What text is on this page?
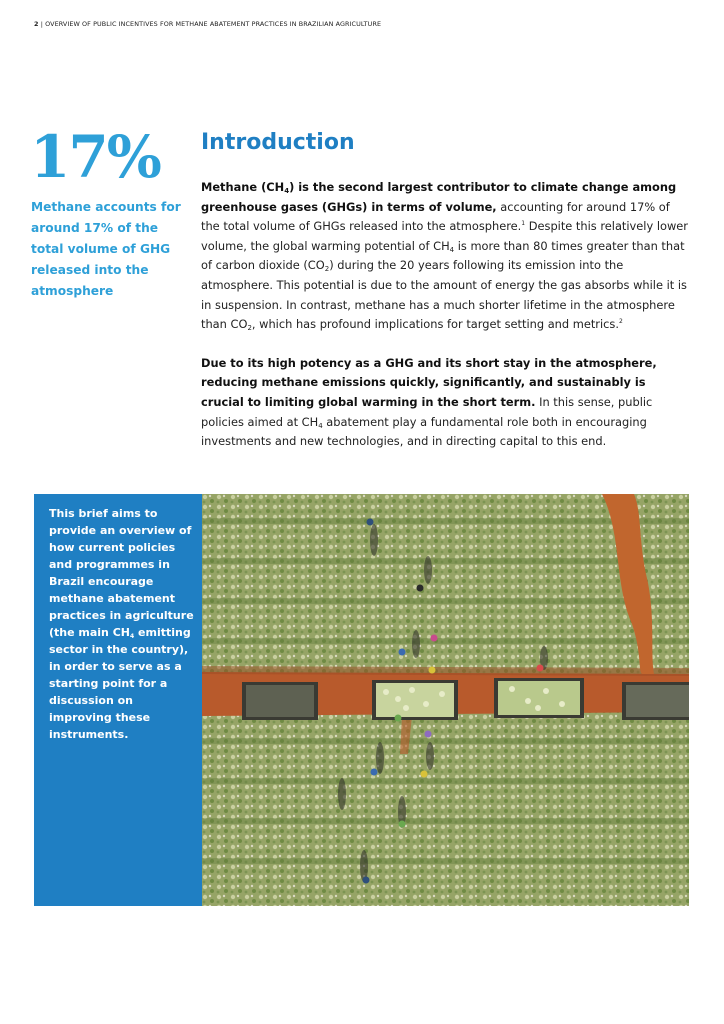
2 | OVERVIEW OF PUBLIC INCENTIVES FOR METHANE ABATEMENT PRACTICES IN BRAZILIAN AGRICULTURE
17%
Methane accounts for around 17% of the total volume of GHG released into the atmosphere
Introduction

Methane $(CH_4)$ is the second largest contributor to climate change among greenhouse gases (GHGs) in terms of volume, accounting for around 17% of the total volume of GHGs released into the atmosphere.$^1$ Despite this relatively lower volume, the global warming potential of $CH_4$ is more than 80 times greater than that of carbon dioxide $(CO_2)$ during the 20 years following its emission into the atmosphere. This potential is due to the amount of energy the gas absorbs while it is in suspension. In contrast, methane has a much shorter lifetime in the atmosphere than $CO_2$, which has profound implications for target setting and metrics.$^2$

Due to its high potency as a GHG and its short stay in the atmosphere, reducing methane emissions quickly, significantly, and sustainably is crucial to limiting global warming in the short term. In this sense, public policies aimed at $CH_4$ abatement play a fundamental role both in encouraging investments and new technologies, and in directing capital to this end.

This brief aims to provide an overview of how current policies and programmes in Brazil encourage methane abatement practices in agriculture (the main $CH_4$ emitting sector in the country), in order to serve as a starting point for a discussion on improving these instruments.
